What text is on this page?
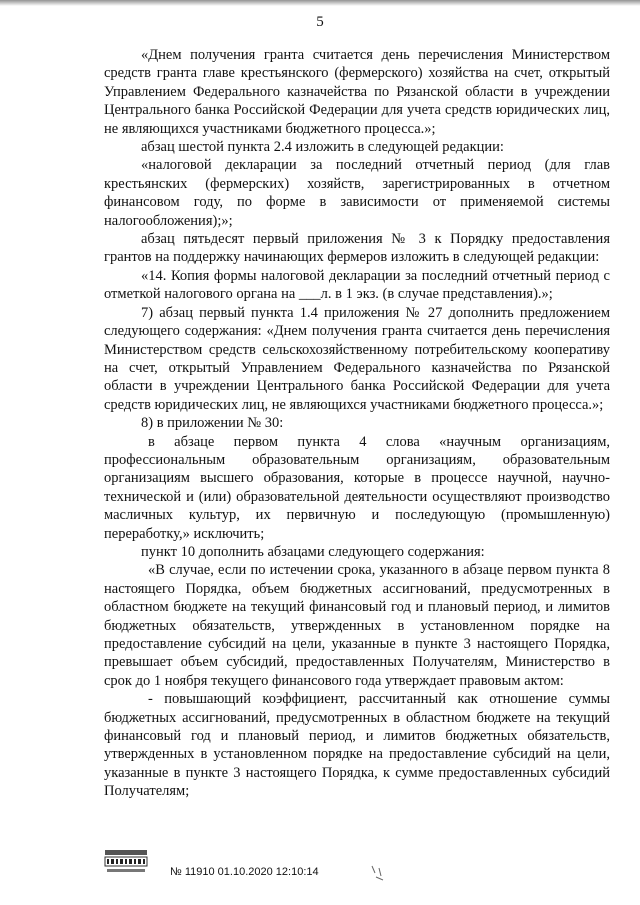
5

«Днем получения гранта считается день перечисления Министерством средств гранта главе крестьянского (фермерского) хозяйства на счет, открытый Управлением Федерального казначейства по Рязанской области в учреждении Центрального банка Российской Федерации для учета средств юридических лиц, не являющихся участниками бюджетного процесса.»;

абзац шестой пункта 2.4 изложить в следующей редакции:

«налоговой декларации за последний отчетный период (для глав крестьянских (фермерских) хозяйств, зарегистрированных в отчетном финансовом году, по форме в зависимости от применяемой системы налогообложения);»;

абзац пятьдесят первый приложения № 3 к Порядку предоставления грантов на поддержку начинающих фермеров изложить в следующей редакции:

«14. Копия формы налоговой декларации за последний отчетный период с отметкой налогового органа на ___л. в 1 экз. (в случае представления).»;

7) абзац первый пункта 1.4 приложения № 27 дополнить предложением следующего содержания: «Днем получения гранта считается день перечисления Министерством средств сельскохозяйственному потребительскому кооперативу на счет, открытый Управлением Федерального казначейства по Рязанской области в учреждении Центрального банка Российской Федерации для учета средств юридических лиц, не являющихся участниками бюджетного процесса.»;

8) в приложении № 30:

в абзаце первом пункта 4 слова «научным организациям, профессиональным образовательным организациям, образовательным организациям высшего образования, которые в процессе научной, научно-технической и (или) образовательной деятельности осуществляют производство масличных культур, их первичную и последующую (промышленную) переработку,» исключить;

пункт 10 дополнить абзацами следующего содержания:

«В случае, если по истечении срока, указанного в абзаце первом пункта 8 настоящего Порядка, объем бюджетных ассигнований, предусмотренных в областном бюджете на текущий финансовый год и плановый период, и лимитов бюджетных обязательств, утвержденных в установленном порядке на предоставление субсидий на цели, указанные в пункте 3 настоящего Порядка, превышает объем субсидий, предоставленных Получателям, Министерство в срок до 1 ноября текущего финансового года утверждает правовым актом:

- повышающий коэффициент, рассчитанный как отношение суммы бюджетных ассигнований, предусмотренных в областном бюджете на текущий финансовый год и плановый период, и лимитов бюджетных обязательств, утвержденных в установленном порядке на предоставление субсидий на цели, указанные в пункте 3 настоящего Порядка, к сумме предоставленных субсидий Получателям;

№ 11910 01.10.2020 12:10:14
